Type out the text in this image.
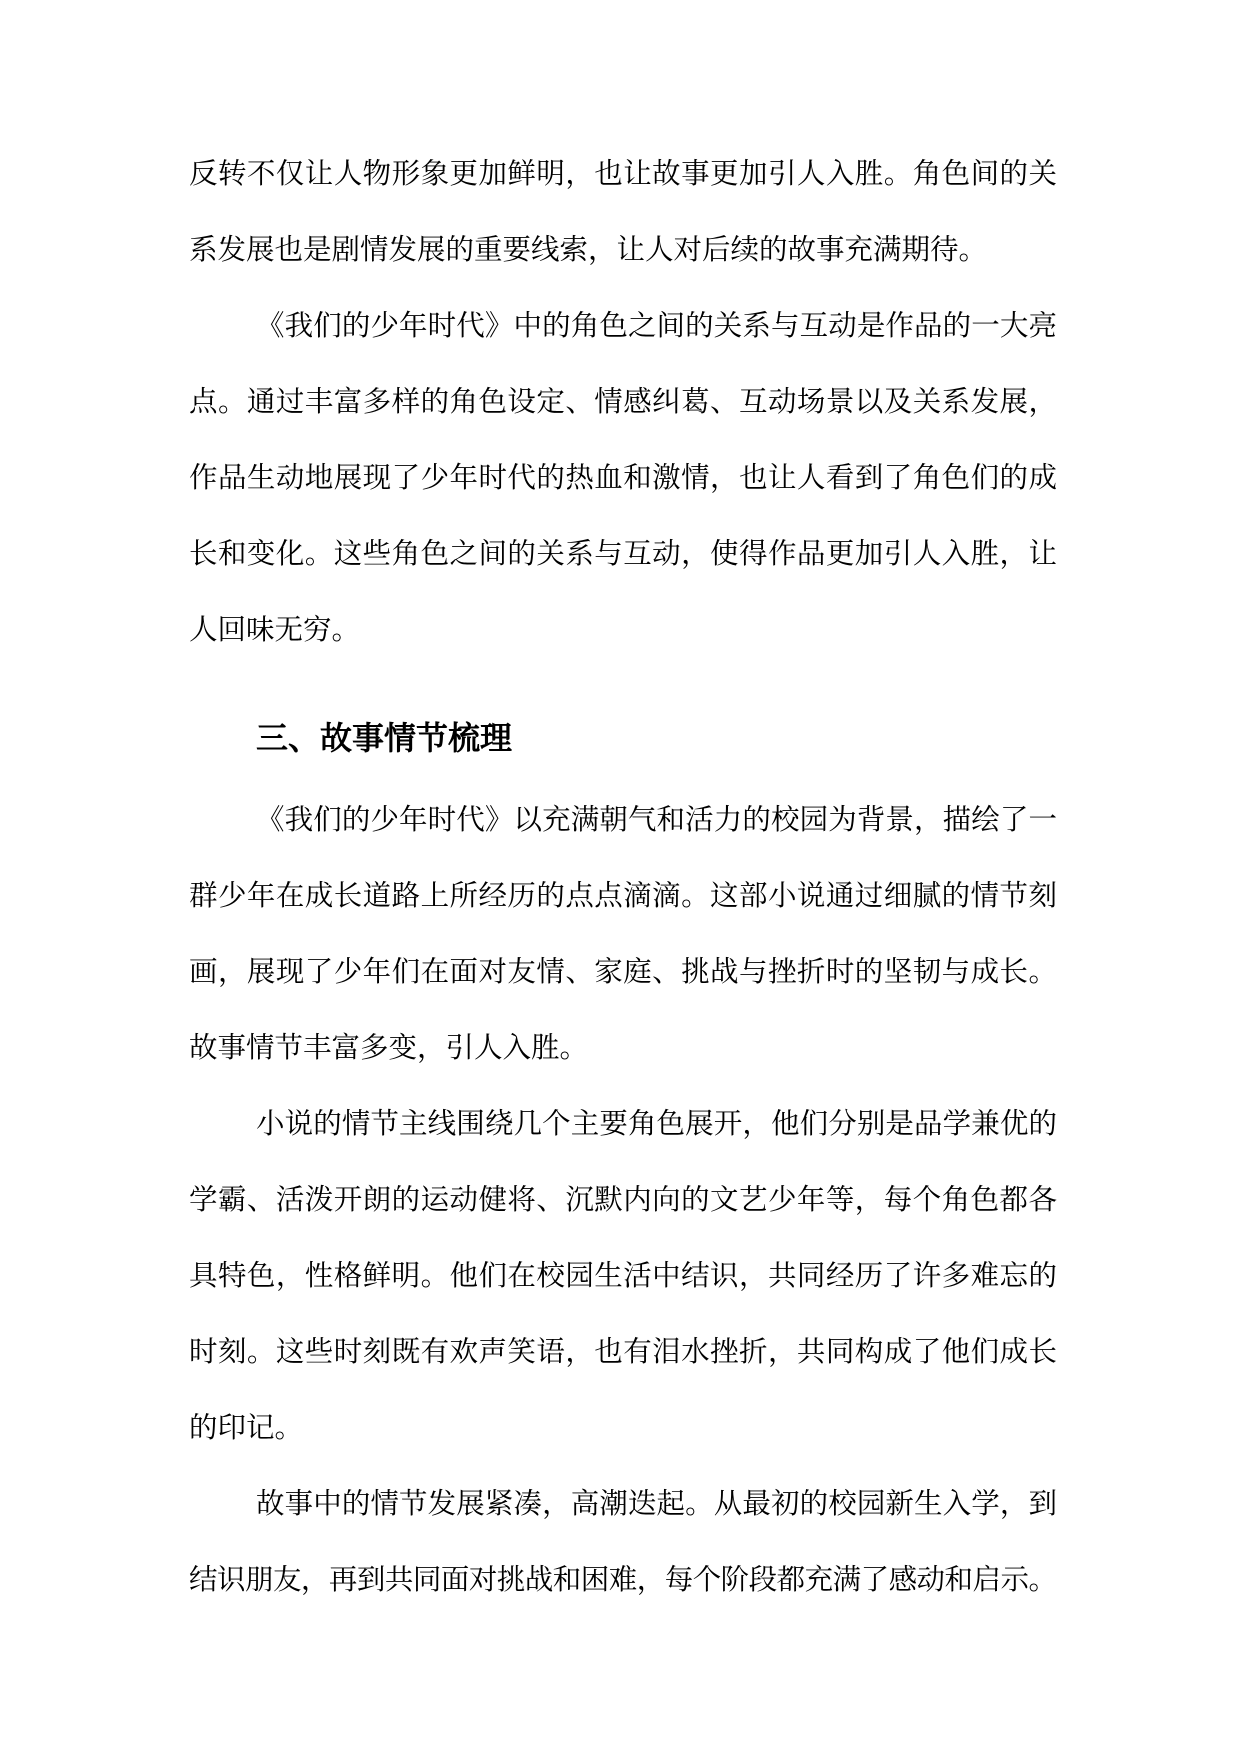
反转不仅让人物形象更加鲜明，也让故事更加引人入胜。角色间的关
系发展也是剧情发展的重要线索，让人对后续的故事充满期待。
《我们的少年时代》中的角色之间的关系与互动是作品的一大亮
点。通过丰富多样的角色设定、情感纠葛、互动场景以及关系发展，
作品生动地展现了少年时代的热血和激情，也让人看到了角色们的成
长和变化。这些角色之间的关系与互动，使得作品更加引人入胜，让
人回味无穷。
三、故事情节梳理
《我们的少年时代》以充满朝气和活力的校园为背景，描绘了一
群少年在成长道路上所经历的点点滴滴。这部小说通过细腻的情节刻
画，展现了少年们在面对友情、家庭、挑战与挫折时的坚韧与成长。
故事情节丰富多变，引人入胜。
小说的情节主线围绕几个主要角色展开，他们分别是品学兼优的
学霸、活泼开朗的运动健将、沉默内向的文艺少年等，每个角色都各
具特色，性格鲜明。他们在校园生活中结识，共同经历了许多难忘的
时刻。这些时刻既有欢声笑语，也有泪水挫折，共同构成了他们成长
的印记。
故事中的情节发展紧凑，高潮迭起。从最初的校园新生入学，到
结识朋友，再到共同面对挑战和困难，每个阶段都充满了感动和启示。
